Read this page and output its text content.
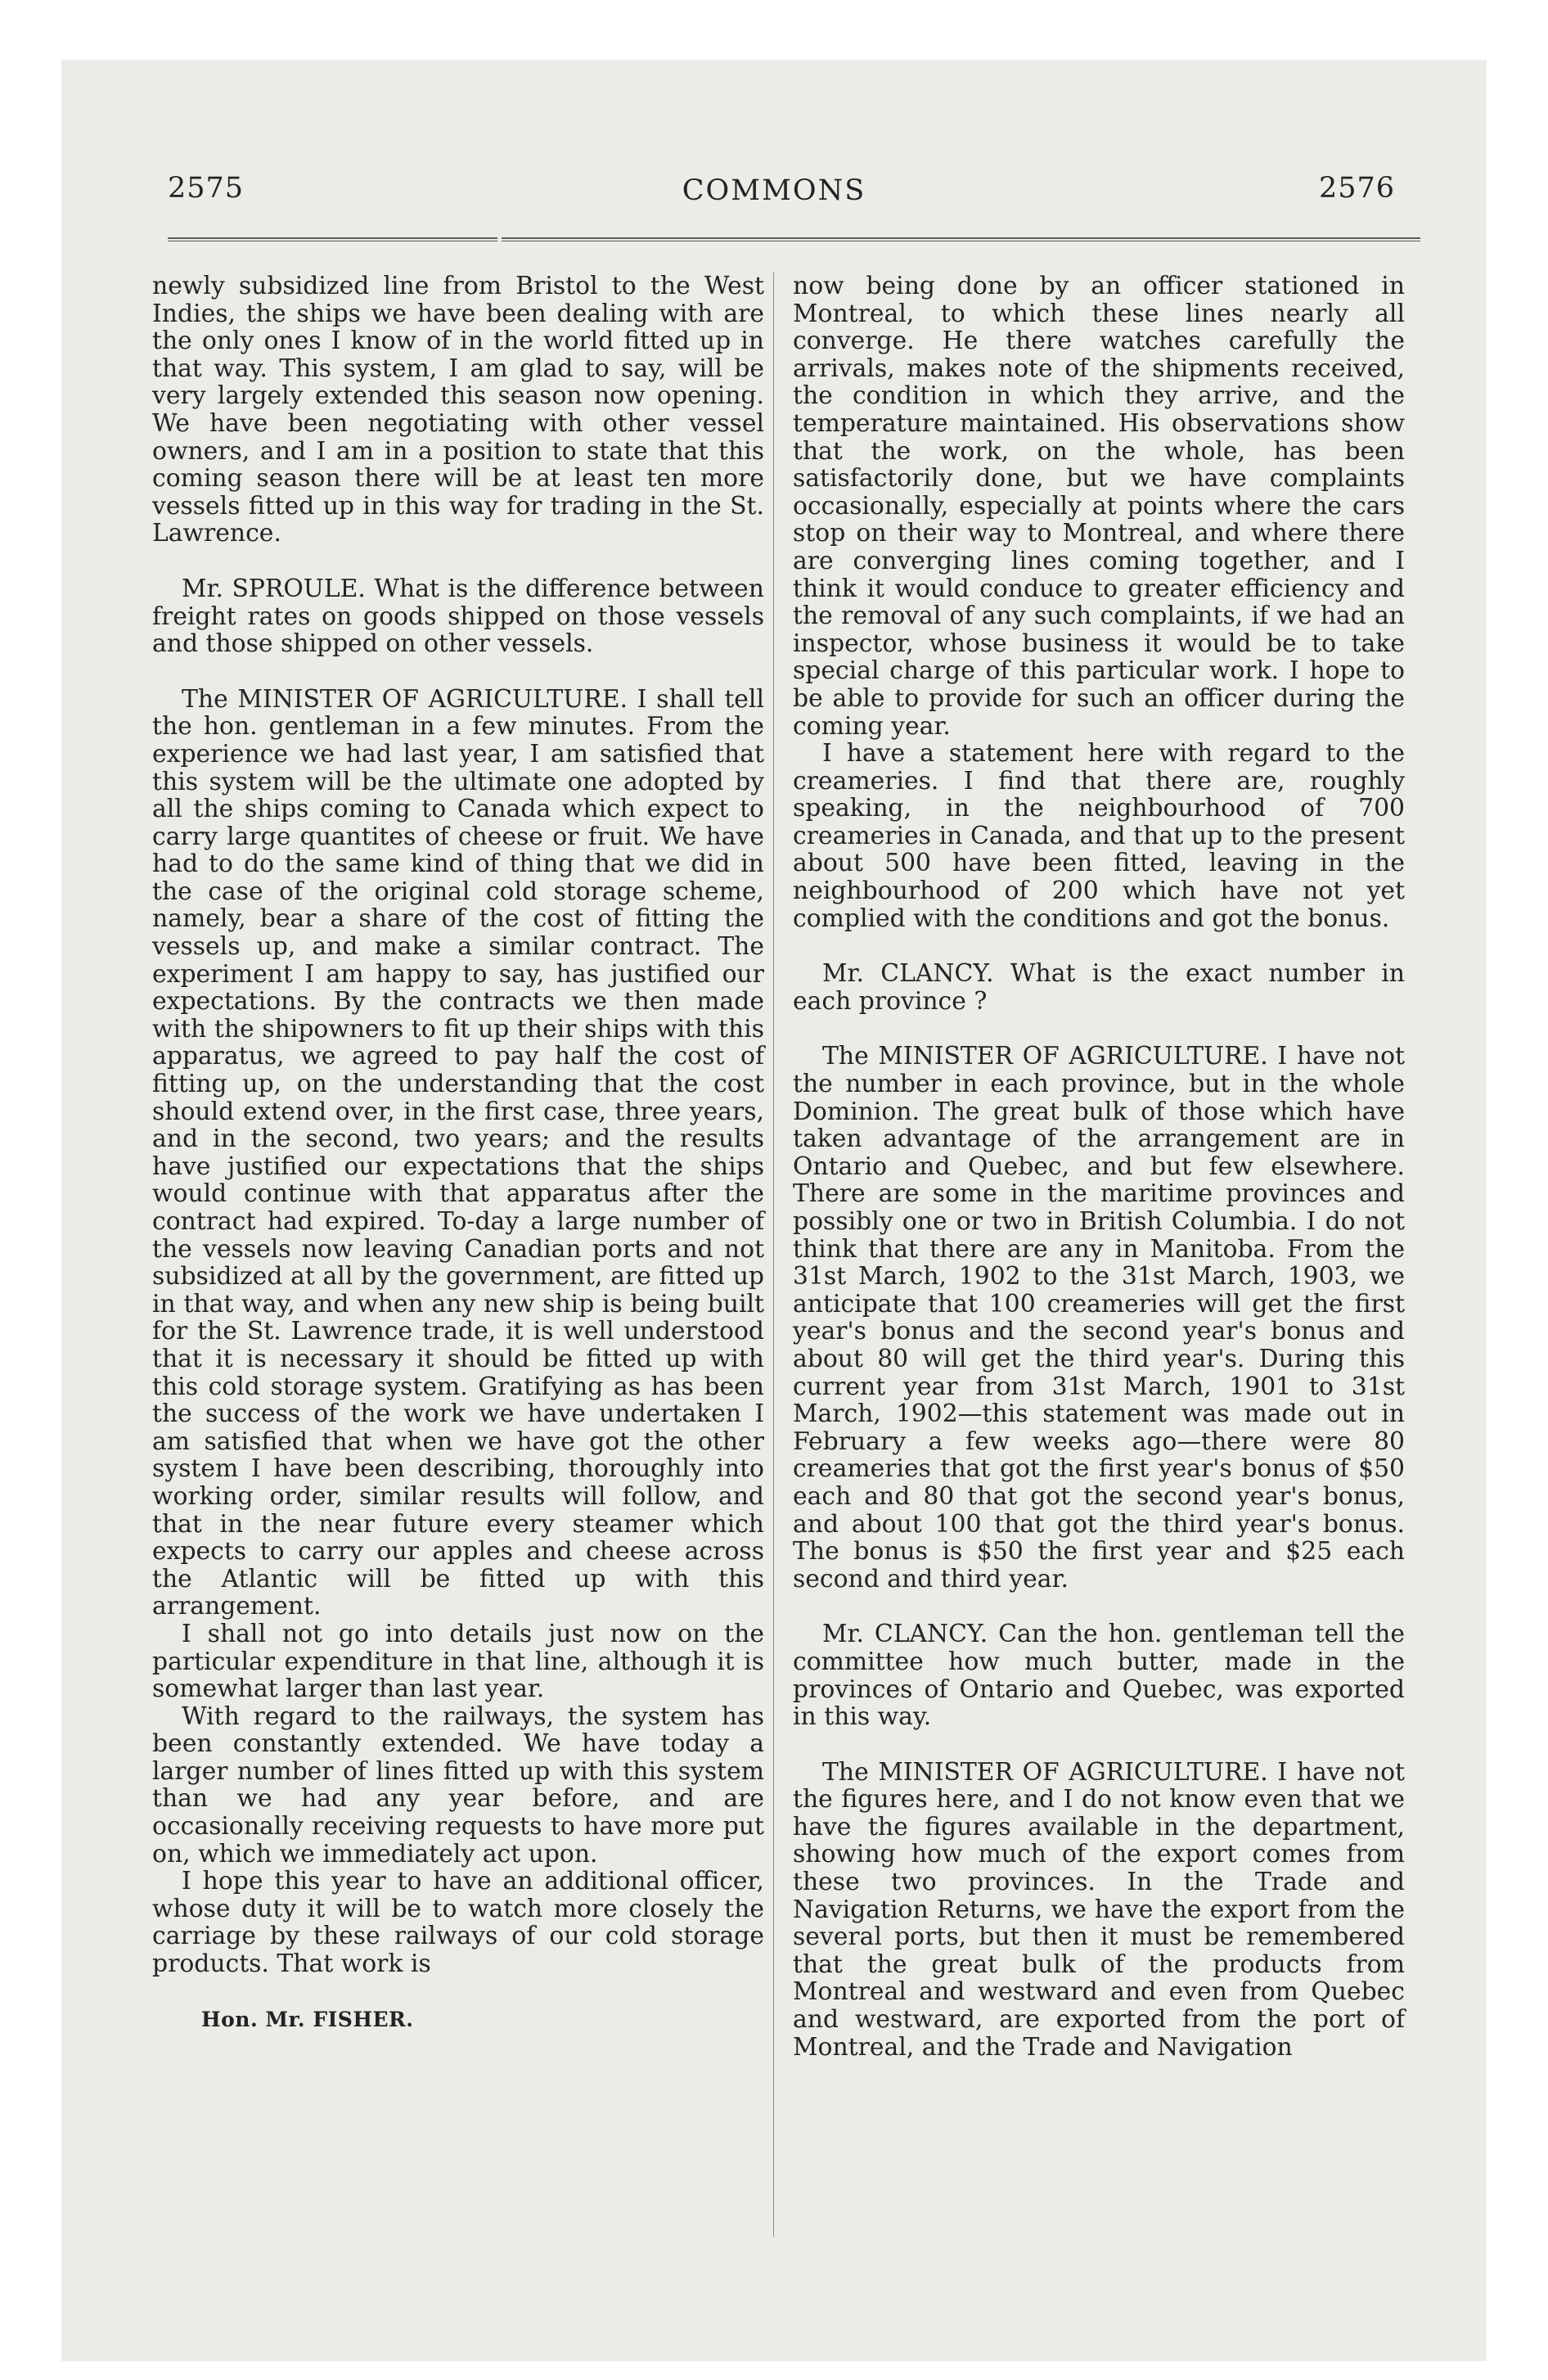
2575	COMMONS	2576

newly subsidized line from Bristol to the West Indies, the ships we have been dealing with are the only ones I know of in the world fitted up in that way. This system, I am glad to say, will be very largely extended this season now opening. We have been negotiating with other vessel owners, and I am in a position to state that this coming season there will be at least ten more vessels fitted up in this way for trading in the St. Lawrence.

Mr. SPROULE. What is the difference between freight rates on goods shipped on those vessels and those shipped on other vessels.

The MINISTER OF AGRICULTURE. I shall tell the hon. gentleman in a few minutes. From the experience we had last year, I am satisfied that this system will be the ultimate one adopted by all the ships coming to Canada which expect to carry large quantites of cheese or fruit. We have had to do the same kind of thing that we did in the case of the original cold storage scheme, namely, bear a share of the cost of fitting the vessels up, and make a similar contract. The experiment I am happy to say, has justified our expectations. By the contracts we then made with the shipowners to fit up their ships with this apparatus, we agreed to pay half the cost of fitting up, on the understanding that the cost should extend over, in the first case, three years, and in the second, two years; and the results have justified our expectations that the ships would continue with that apparatus after the contract had expired. To-day a large number of the vessels now leaving Canadian ports and not subsidized at all by the government, are fitted up in that way, and when any new ship is being built for the St. Lawrence trade, it is well understood that it is necessary it should be fitted up with this cold storage system. Gratifying as has been the success of the work we have undertaken I am satisfied that when we have got the other system I have been describing, thoroughly into working order, similar results will follow, and that in the near future every steamer which expects to carry our apples and cheese across the Atlantic will be fitted up with this arrangement.

I shall not go into details just now on the particular expenditure in that line, although it is somewhat larger than last year.

With regard to the railways, the system has been constantly extended. We have today a larger number of lines fitted up with this system than we had any year before, and are occasionally receiving requests to have more put on, which we immediately act upon.

I hope this year to have an additional officer, whose duty it will be to watch more closely the carriage by these railways of our cold storage products. That work is

Hon. Mr. FISHER.

now being done by an officer stationed in Montreal, to which these lines nearly all converge. He there watches carefully the arrivals, makes note of the shipments received, the condition in which they arrive, and the temperature maintained. His observations show that the work, on the whole, has been satisfactorily done, but we have complaints occasionally, especially at points where the cars stop on their way to Montreal, and where there are converging lines coming together, and I think it would conduce to greater efficiency and the removal of any such complaints, if we had an inspector, whose business it would be to take special charge of this particular work. I hope to be able to provide for such an officer during the coming year.

I have a statement here with regard to the creameries. I find that there are, roughly speaking, in the neighbourhood of 700 creameries in Canada, and that up to the present about 500 have been fitted, leaving in the neighbourhood of 200 which have not yet complied with the conditions and got the bonus.

Mr. CLANCY. What is the exact number in each province ?

The MINISTER OF AGRICULTURE. I have not the number in each province, but in the whole Dominion. The great bulk of those which have taken advantage of the arrangement are in Ontario and Quebec, and but few elsewhere. There are some in the maritime provinces and possibly one or two in British Columbia. I do not think that there are any in Manitoba. From the 31st March, 1902 to the 31st March, 1903, we anticipate that 100 creameries will get the first year's bonus and the second year's bonus and about 80 will get the third year's. During this current year from 31st March, 1901 to 31st March, 1902—this statement was made out in February a few weeks ago—there were 80 creameries that got the first year's bonus of $50 each and 80 that got the second year's bonus, and about 100 that got the third year's bonus. The bonus is $50 the first year and $25 each second and third year.

Mr. CLANCY. Can the hon. gentleman tell the committee how much butter, made in the provinces of Ontario and Quebec, was exported in this way.

The MINISTER OF AGRICULTURE. I have not the figures here, and I do not know even that we have the figures available in the department, showing how much of the export comes from these two provinces. In the Trade and Navigation Returns, we have the export from the several ports, but then it must be remembered that the great bulk of the products from Montreal and westward and even from Quebec and westward, are exported from the port of Montreal, and the Trade and Navigation
